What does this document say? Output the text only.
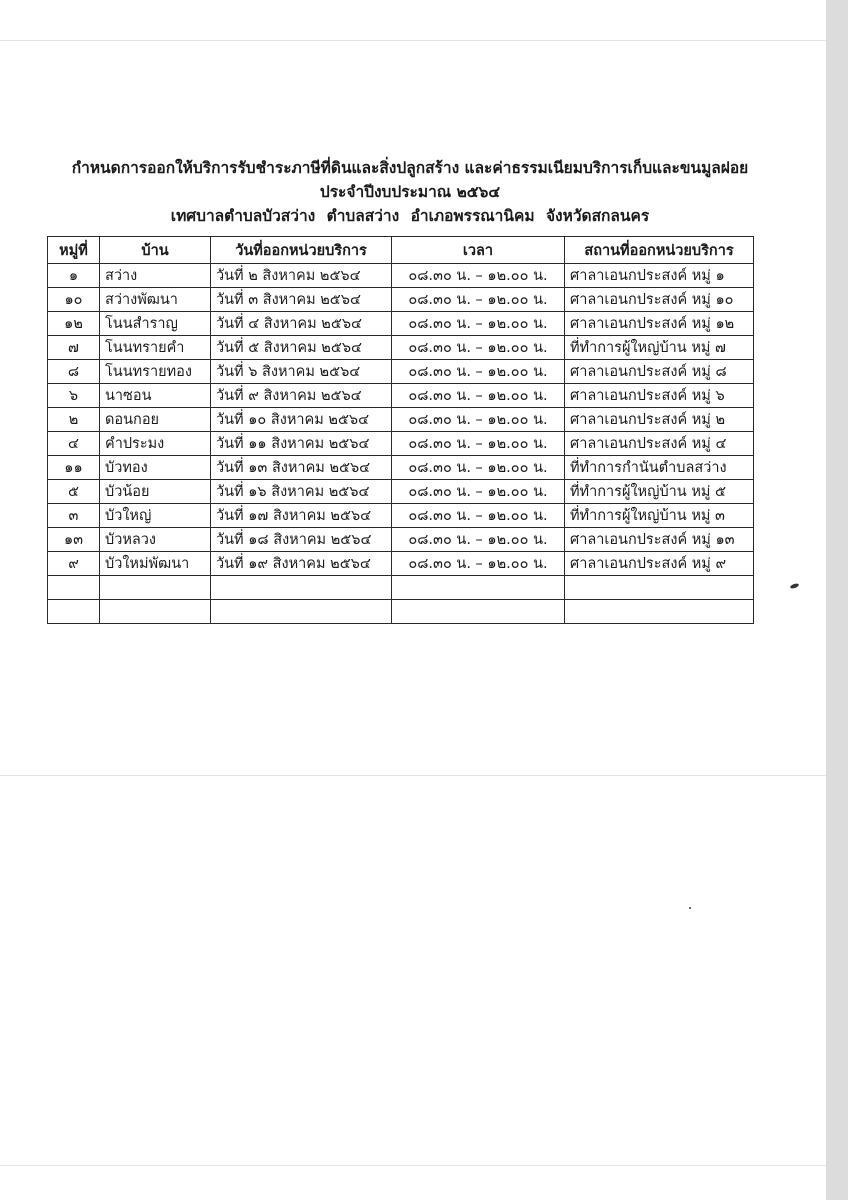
กำหนดการออกให้บริการรับชำระภาษีที่ดินและสิ่งปลูกสร้าง และค่าธรรมเนียมบริการเก็บและขนมูลฝอย
ประจำปีงบประมาณ ๒๕๖๔
เทศบาลตำบลบัวสว่าง ตำบลสว่าง อำเภอพรรณานิคม จังหวัดสกลนคร
หมู่ที่	บ้าน	วันที่ออกหน่วยบริการ	เวลา	สถานที่ออกหน่วยบริการ
๑	สว่าง	วันที่ ๒ สิงหาคม ๒๕๖๔	๐๘.๓๐ น. – ๑๒.๐๐ น.	ศาลาเอนกประสงค์ หมู่ ๑
๑๐	สว่างพัฒนา	วันที่ ๓ สิงหาคม ๒๕๖๔	๐๘.๓๐ น. – ๑๒.๐๐ น.	ศาลาเอนกประสงค์ หมู่ ๑๐
๑๒	โนนสำราญ	วันที่ ๔ สิงหาคม ๒๕๖๔	๐๘.๓๐ น. – ๑๒.๐๐ น.	ศาลาเอนกประสงค์ หมู่ ๑๒
๗	โนนทรายคำ	วันที่ ๕ สิงหาคม ๒๕๖๔	๐๘.๓๐ น. – ๑๒.๐๐ น.	ที่ทำการผู้ใหญ่บ้าน หมู่ ๗
๘	โนนทรายทอง	วันที่ ๖ สิงหาคม ๒๕๖๔	๐๘.๓๐ น. – ๑๒.๐๐ น.	ศาลาเอนกประสงค์ หมู่ ๘
๖	นาซอน	วันที่ ๙ สิงหาคม ๒๕๖๔	๐๘.๓๐ น. – ๑๒.๐๐ น.	ศาลาเอนกประสงค์ หมู่ ๖
๒	ดอนกอย	วันที่ ๑๐ สิงหาคม ๒๕๖๔	๐๘.๓๐ น. – ๑๒.๐๐ น.	ศาลาเอนกประสงค์ หมู่ ๒
๔	คำประมง	วันที่ ๑๑ สิงหาคม ๒๕๖๔	๐๘.๓๐ น. – ๑๒.๐๐ น.	ศาลาเอนกประสงค์ หมู่ ๔
๑๑	บัวทอง	วันที่ ๑๓ สิงหาคม ๒๕๖๔	๐๘.๓๐ น. – ๑๒.๐๐ น.	ที่ทำการกำนันตำบลสว่าง
๕	บัวน้อย	วันที่ ๑๖ สิงหาคม ๒๕๖๔	๐๘.๓๐ น. – ๑๒.๐๐ น.	ที่ทำการผู้ใหญ่บ้าน หมู่ ๕
๓	บัวใหญ่	วันที่ ๑๗ สิงหาคม ๒๕๖๔	๐๘.๓๐ น. – ๑๒.๐๐ น.	ที่ทำการผู้ใหญ่บ้าน หมู่ ๓
๑๓	บัวหลวง	วันที่ ๑๘ สิงหาคม ๒๕๖๔	๐๘.๓๐ น. – ๑๒.๐๐ น.	ศาลาเอนกประสงค์ หมู่ ๑๓
๙	บัวใหม่พัฒนา	วันที่ ๑๙ สิงหาคม ๒๕๖๔	๐๘.๓๐ น. – ๑๒.๐๐ น.	ศาลาเอนกประสงค์ หมู่ ๙
